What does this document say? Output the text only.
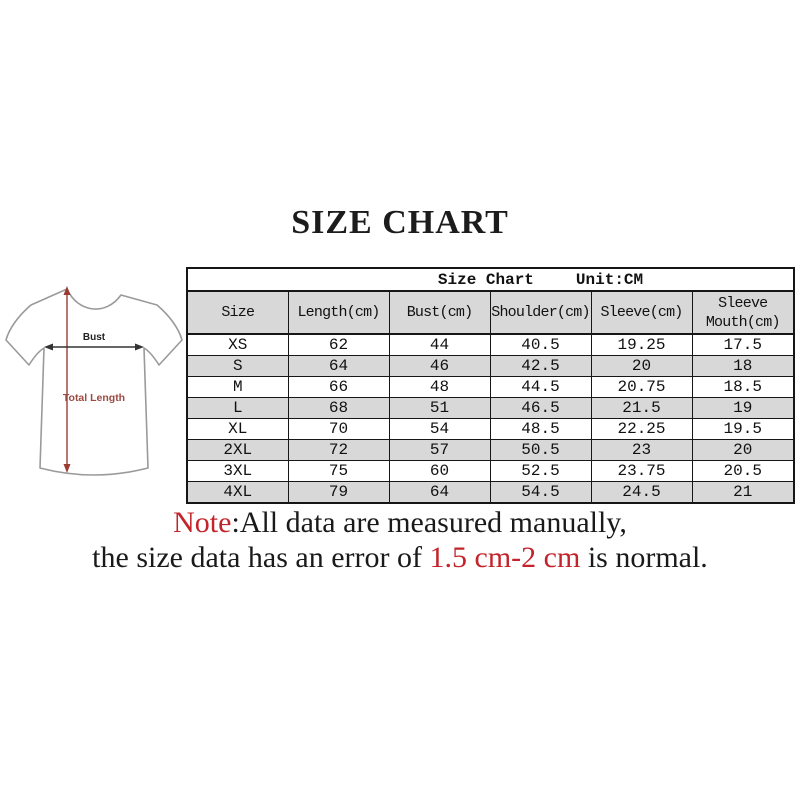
SIZE CHART
Bust
Total Length
Size Chart Unit:CM					

Size	Length(cm)	Bust(cm)	Shoulder(cm)	Sleeve(cm)	Sleeve Mouth(cm)
XS	62	44	40.5	19.25	17.5
S	64	46	42.5	20	18
M	66	48	44.5	20.75	18.5
L	68	51	46.5	21.5	19
XL	70	54	48.5	22.25	19.5
2XL	72	57	50.5	23	20
3XL	75	60	52.5	23.75	20.5
4XL	79	64	54.5	24.5	21
Note:All data are measured manually,
the size data has an error of 1.5 cm-2 cm is normal.
